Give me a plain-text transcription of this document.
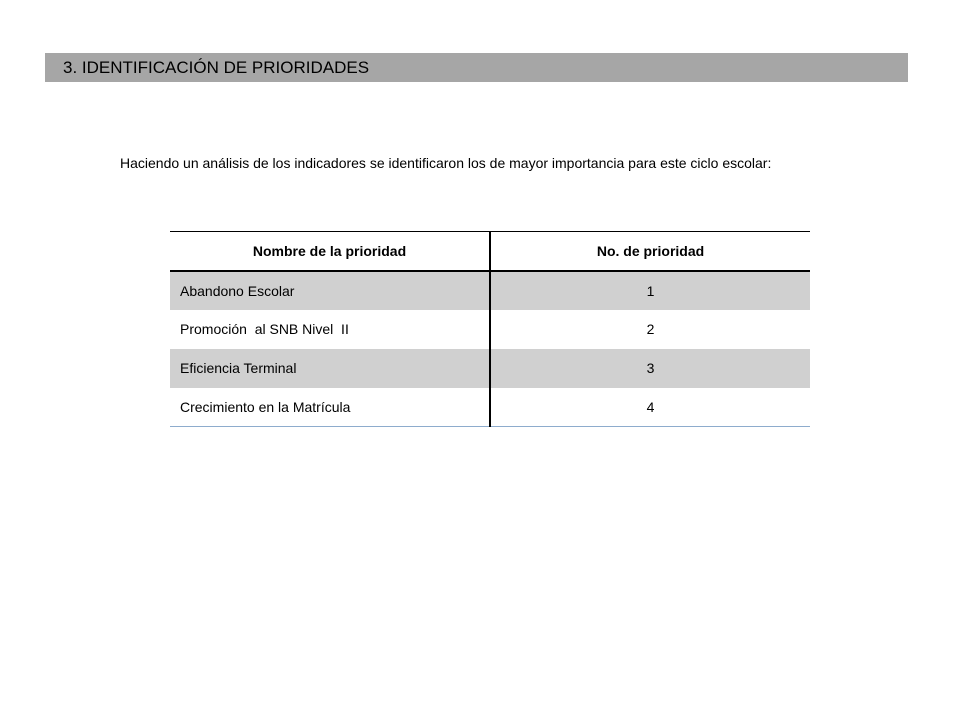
3. IDENTIFICACIÓN DE PRIORIDADES
Haciendo un análisis de los indicadores se identificaron los de mayor importancia para este ciclo escolar:
Nombre de la prioridad	No. de prioridad
Abandono Escolar	1
Promoción  al SNB Nivel  II	2
Eficiencia Terminal	3
Crecimiento en la Matrícula	4
